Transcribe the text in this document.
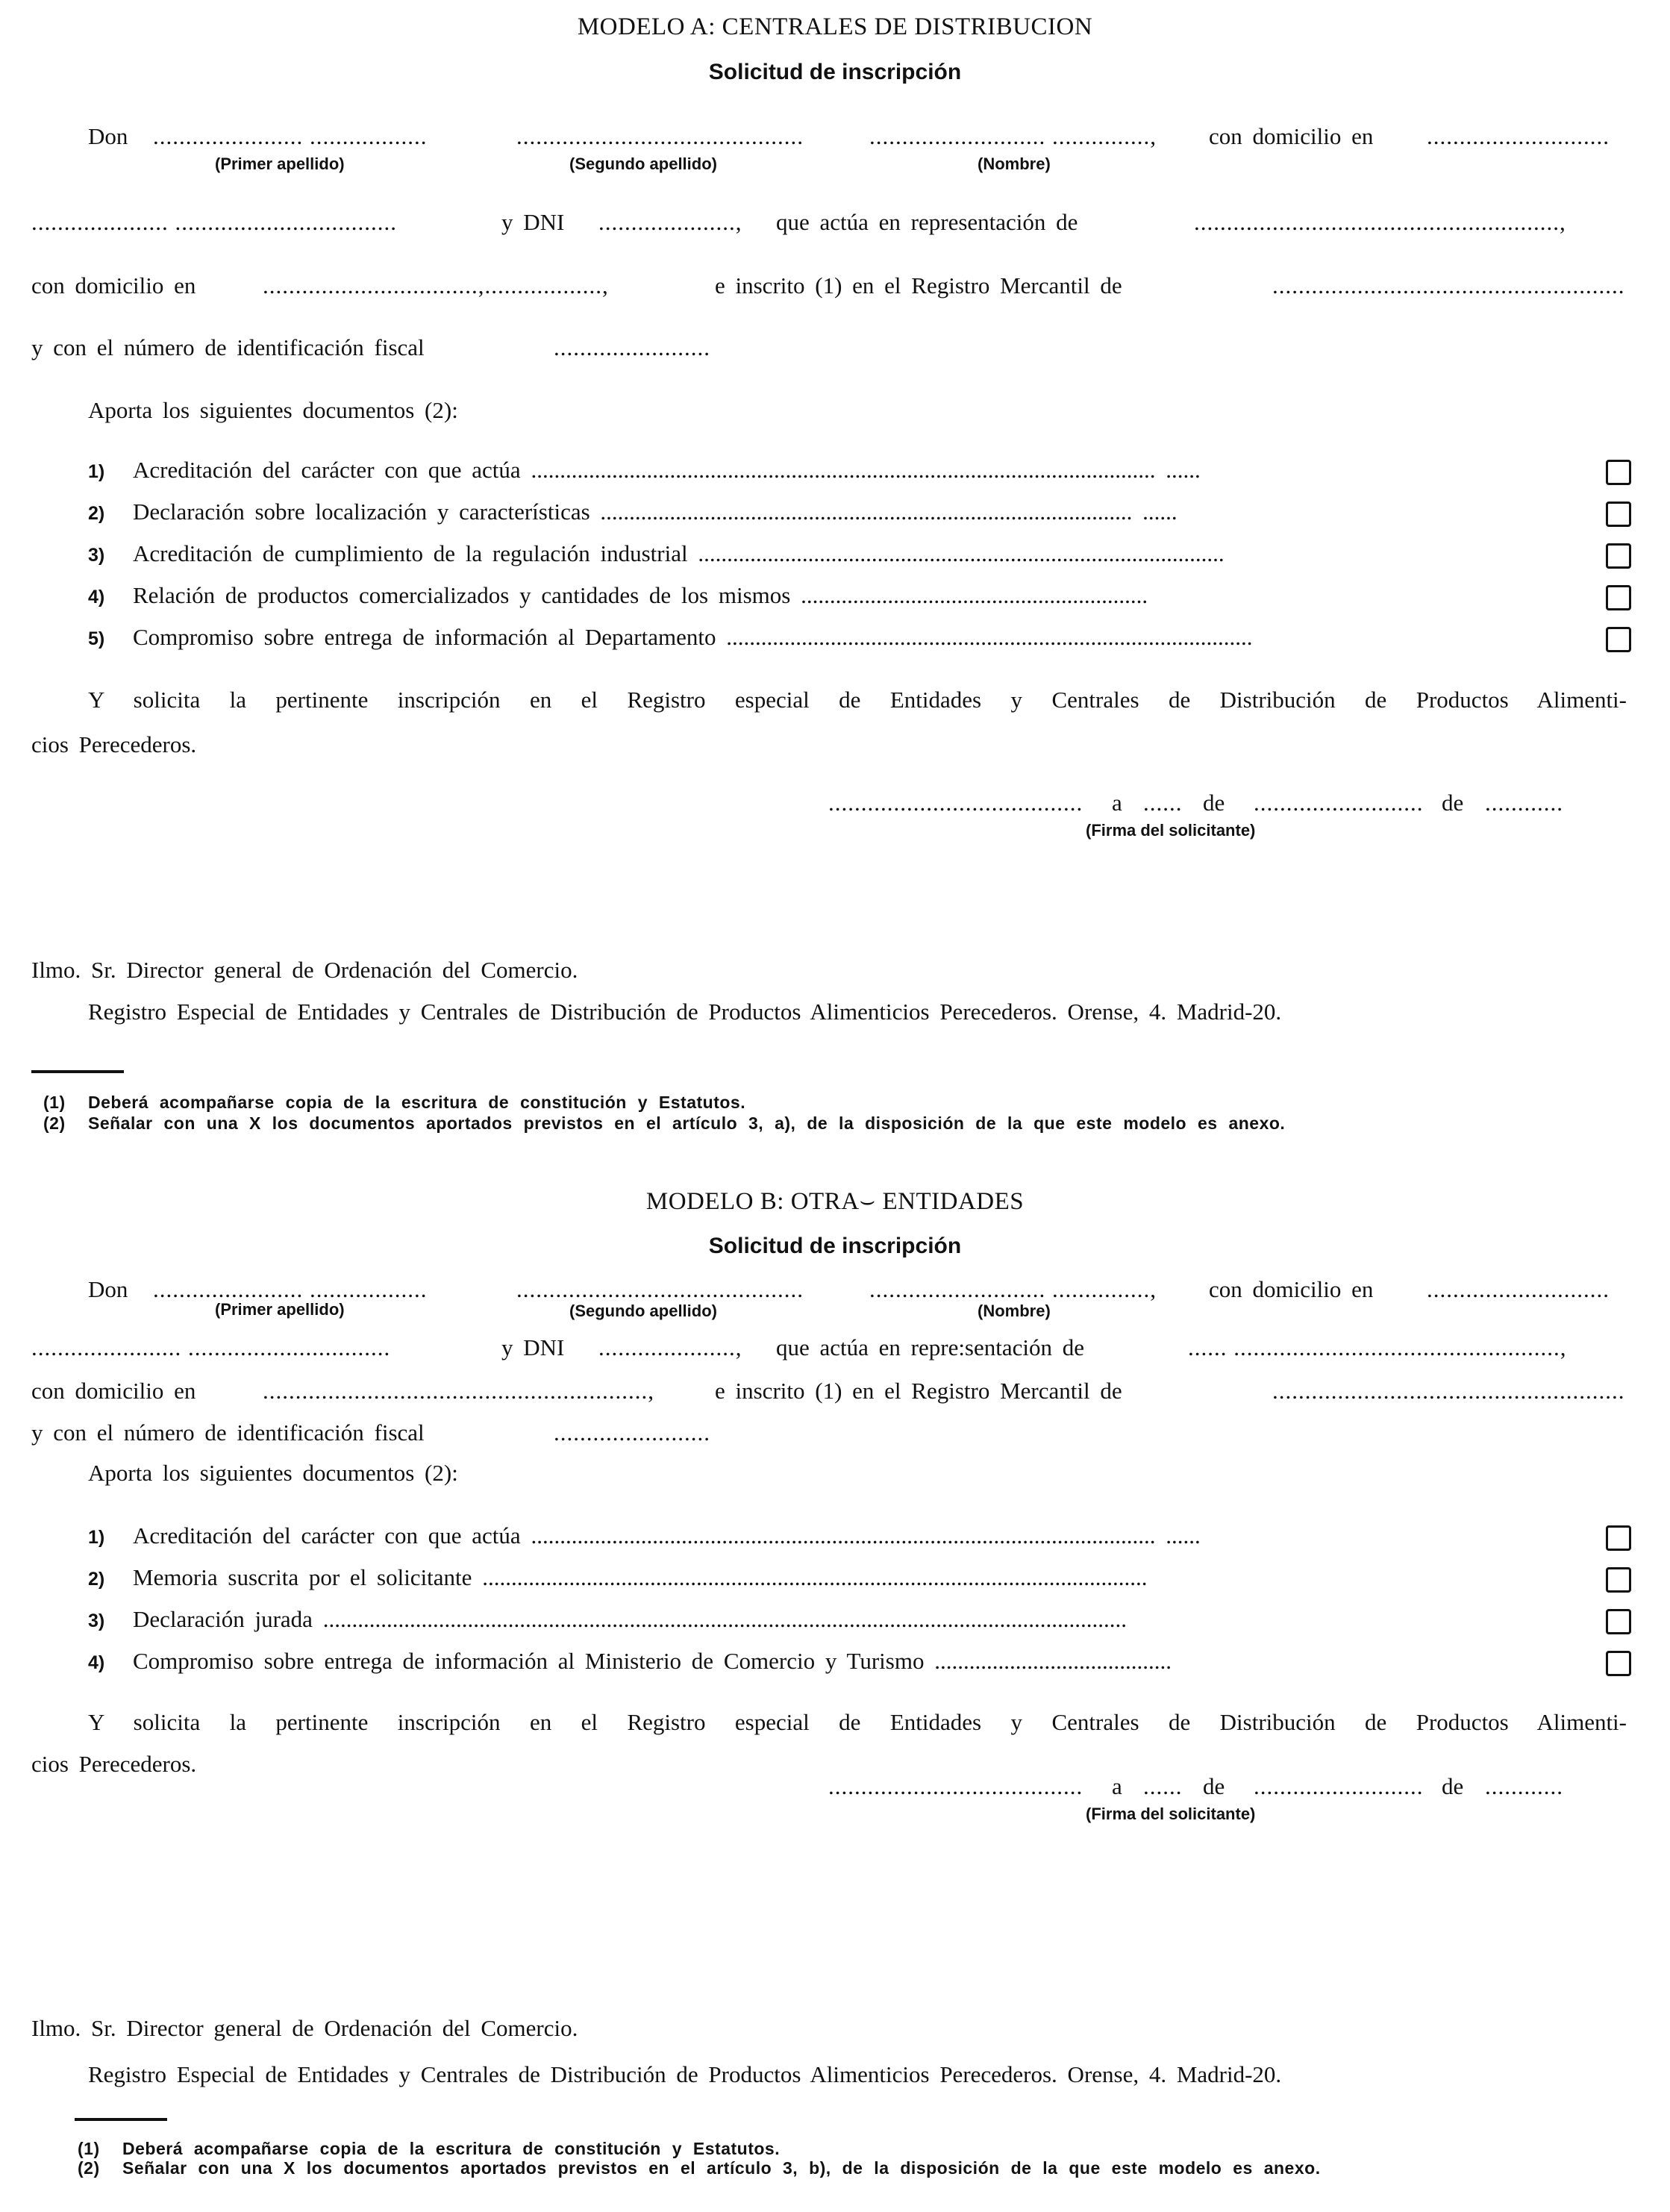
MODELO A: CENTRALES DE DISTRIBUCION
Solicitud de inscripción
Don ....................... ..................	............................................	........................... ..............., con domicilio en ............................
(Primer apellido)	(Segundo apellido)	(Nombre)
..................... ..................................	y DNI ....................., que actúa en representación de	........................................................,
con domicilio en	.................................,..................,	e inscrito (1) en el Registro Mercantil de	......................................................
y con el número de identificación fiscal	........................
Aporta los siguientes documentos (2):
1) Acreditación del carácter con que actúa ............................................................................................................ ......
2) Declaración sobre localización y características ............................................................................................ ......
3) Acreditación de cumplimiento de la regulación industrial ...........................................................................................
4) Relación de productos comercializados y cantidades de los mismos ............................................................
5) Compromiso sobre entrega de información al Departamento ...........................................................................................
Y solicita la pertinente inscripción en el Registro especial de Entidades y Centrales de Distribución de Productos Alimenti-
cios Perecederos.
....................................... a ...... de .......................... de ............
(Firma del solicitante)
Ilmo. Sr. Director general de Ordenación del Comercio.
Registro Especial de Entidades y Centrales de Distribución de Productos Alimenticios Perecederos. Orense, 4. Madrid-20.
(1) Deberá acompañarse copia de la escritura de constitución y Estatutos.
(2) Señalar con una X los documentos aportados previstos en el artículo 3, a), de la disposición de la que este modelo es anexo.
MODELO B: OTRA⌣ ENTIDADES
Solicitud de inscripción
Don ....................... ..................	............................................	........................... ..............., con domicilio en ............................
(Primer apellido)	(Segundo apellido)	(Nombre)
....................... ...............................	y DNI ....................., que actúa en repre:sentación de	...... ..................................................,
con domicilio en	...........................................................,	e inscrito (1) en el Registro Mercantil de	......................................................
y con el número de identificación fiscal	........................
Aporta los siguientes documentos (2):
1) Acreditación del carácter con que actúa ............................................................................................................ ......
2) Memoria suscrita por el solicitante ...................................................................................................................
3) Declaración jurada ...........................................................................................................................................
4) Compromiso sobre entrega de información al Ministerio de Comercio y Turismo .........................................
Y solicita la pertinente inscripción en el Registro especial de Entidades y Centrales de Distribución de Productos Alimenti-
cios Perecederos.
....................................... a ...... de .......................... de ............
(Firma del solicitante)
Ilmo. Sr. Director general de Ordenación del Comercio.
Registro Especial de Entidades y Centrales de Distribución de Productos Alimenticios Perecederos. Orense, 4. Madrid-20.
(1) Deberá acompañarse copia de la escritura de constitución y Estatutos.
(2) Señalar con una X los documentos aportados previstos en el artículo 3, b), de la disposición de la que este modelo es anexo.
